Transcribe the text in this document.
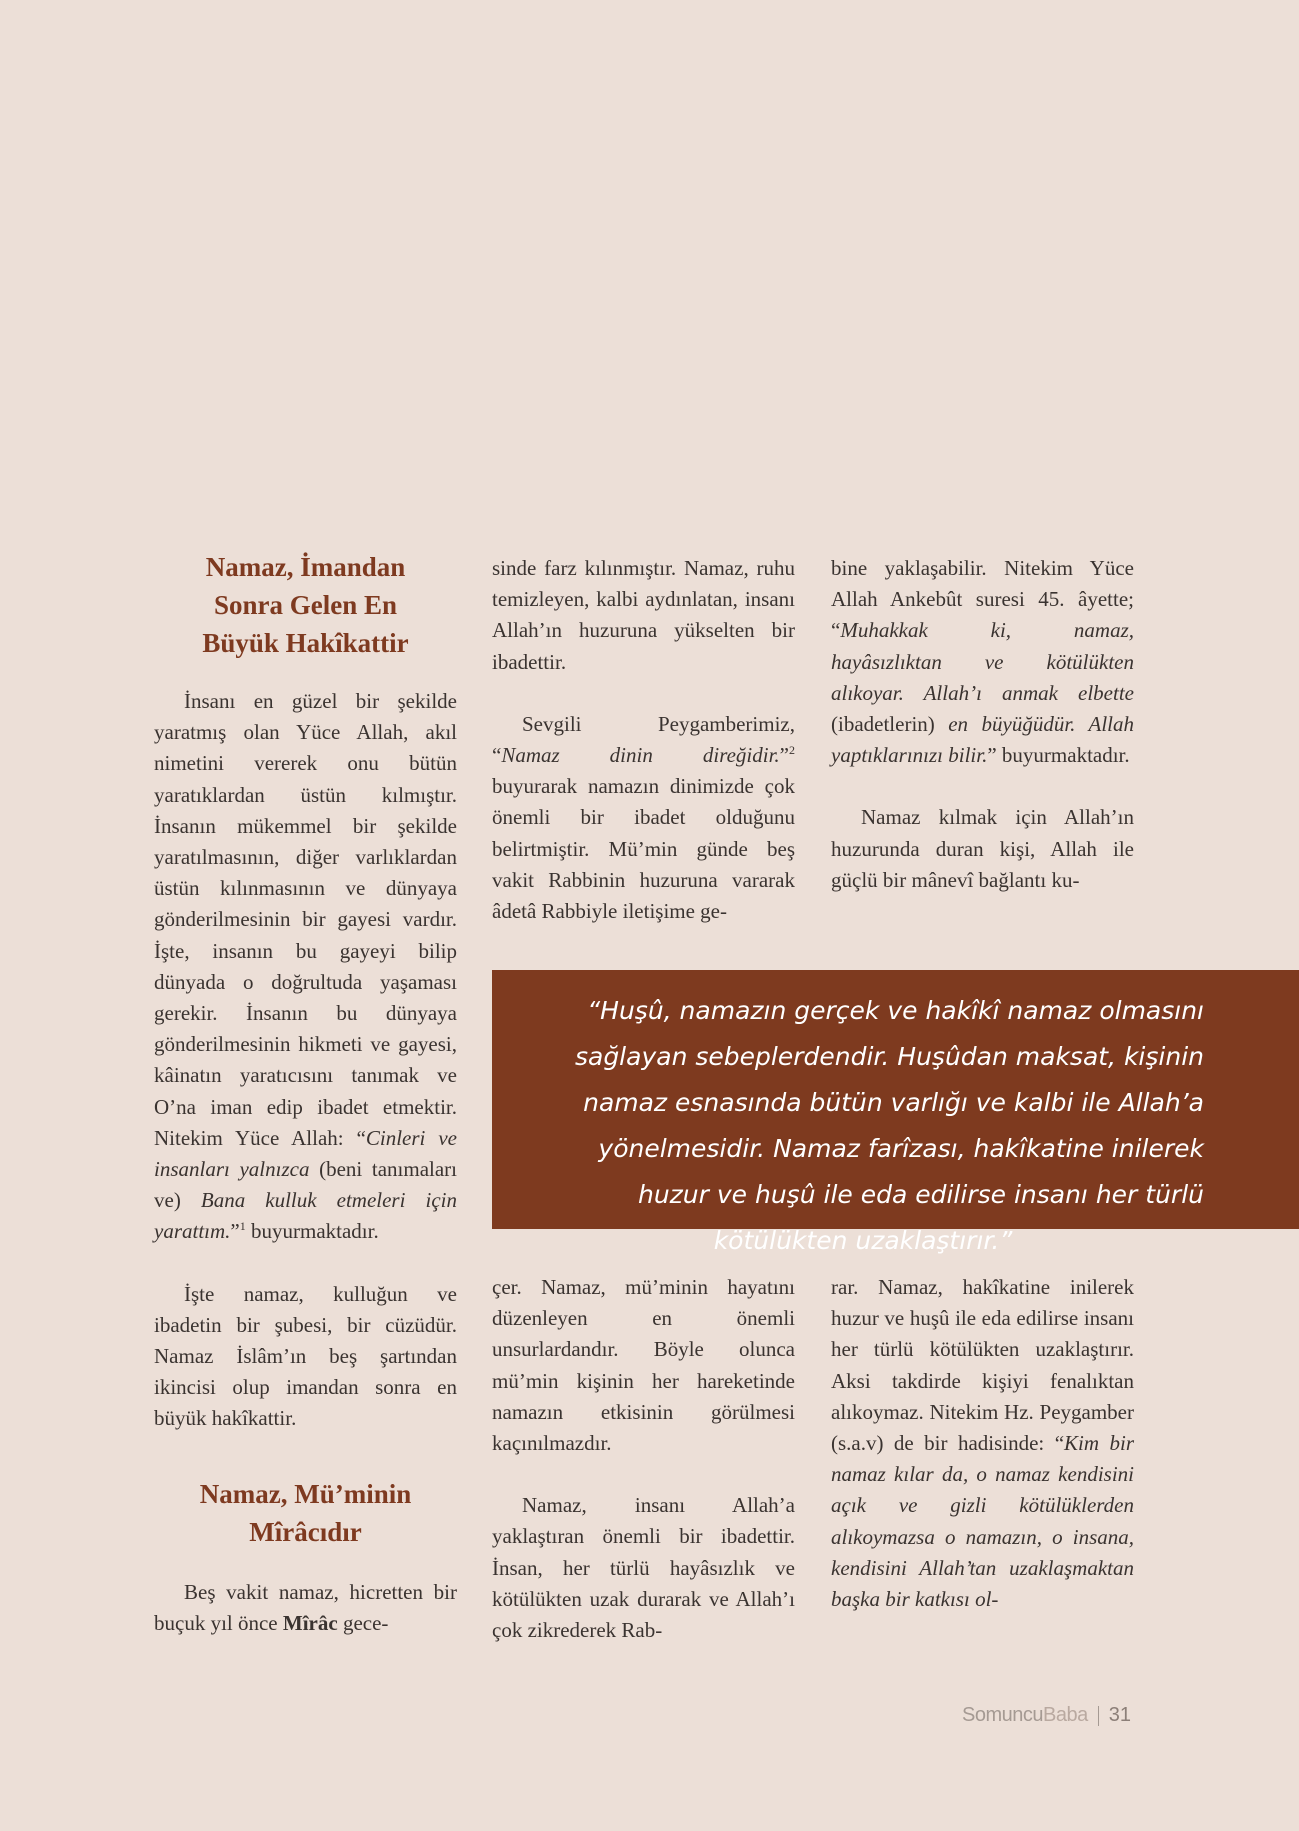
Namaz, İmandan
Sonra Gelen En
Büyük Hakîkattir

İnsanı en güzel bir şekilde yaratmış olan Yüce Allah, akıl nimetini vererek onu bütün yaratıklardan üstün kılmıştır. İnsanın mükemmel bir şekilde yaratılmasının, diğer varlıklardan üstün kılınmasının ve dünyaya gönderilmesinin bir gayesi vardır. İşte, insanın bu gayeyi bilip dünyada o doğrultuda yaşaması gerekir. İnsanın bu dünyaya gönderilmesinin hikmeti ve gayesi, kâinatın yaratıcısını tanımak ve O’na iman edip ibadet etmektir. Nitekim Yüce Allah: “Cinleri ve insanları yalnızca (beni tanımaları ve) Bana kulluk etmeleri için yarattım.”$^1$ buyurmaktadır.

İşte namaz, kulluğun ve ibadetin bir şubesi, bir cüzüdür. Namaz İslâm’ın beş şartından ikincisi olup imandan sonra en büyük hakîkattir.

Namaz, Mü’minin
Mîrâcıdır

Beş vakit namaz, hicretten bir buçuk yıl önce Mîrâc gece-

sinde farz kılınmıştır. Namaz, ruhu temizleyen, kalbi aydınlatan, insanı Allah’ın huzuruna yükselten bir ibadettir.

Sevgili Peygamberimiz, “Namaz dinin direğidir.”$^2$ buyurarak namazın dinimizde çok önemli bir ibadet olduğunu belirtmiştir. Mü’min günde beş vakit Rabbinin huzuruna vararak âdetâ Rabbiyle iletişime ge-

bine yaklaşabilir. Nitekim Yüce Allah Ankebût suresi 45. âyette; “Muhakkak ki, namaz, hayâsızlıktan ve kötülükten alıkoyar. Allah’ı anmak elbette (ibadetlerin) en büyüğüdür. Allah yaptıklarınızı bilir.” buyurmaktadır.

Namaz kılmak için Allah’ın huzurunda duran kişi, Allah ile güçlü bir mânevî bağlantı ku-

“Huşû, namazın gerçek ve hakîkî namaz olmasını sağlayan sebeplerdendir. Huşûdan maksat, kişinin namaz esnasında bütün varlığı ve kalbi ile Allah’a yönelmesidir. Namaz farîzası, hakîkatine inilerek huzur ve huşû ile eda edilirse insanı her türlü kötülükten uzaklaştırır.”

çer. Namaz, mü’minin hayatını düzenleyen en önemli unsurlardandır. Böyle olunca mü’min kişinin her hareketinde namazın etkisinin görülmesi kaçınılmazdır.

Namaz, insanı Allah’a yaklaştıran önemli bir ibadettir. İnsan, her türlü hayâsızlık ve kötülükten uzak durarak ve Allah’ı çok zikrederek Rab-

rar. Namaz, hakîkatine inilerek huzur ve huşû ile eda edilirse insanı her türlü kötülükten uzaklaştırır. Aksi takdirde kişiyi fenalıktan alıkoymaz. Nitekim Hz. Peygamber (s.a.v) de bir hadisinde: “Kim bir namaz kılar da, o namaz kendisini açık ve gizli kötülüklerden alıkoymazsa o namazın, o insana, kendisini Allah’tan uzaklaşmaktan başka bir katkısı ol-

SomuncuBaba 31
